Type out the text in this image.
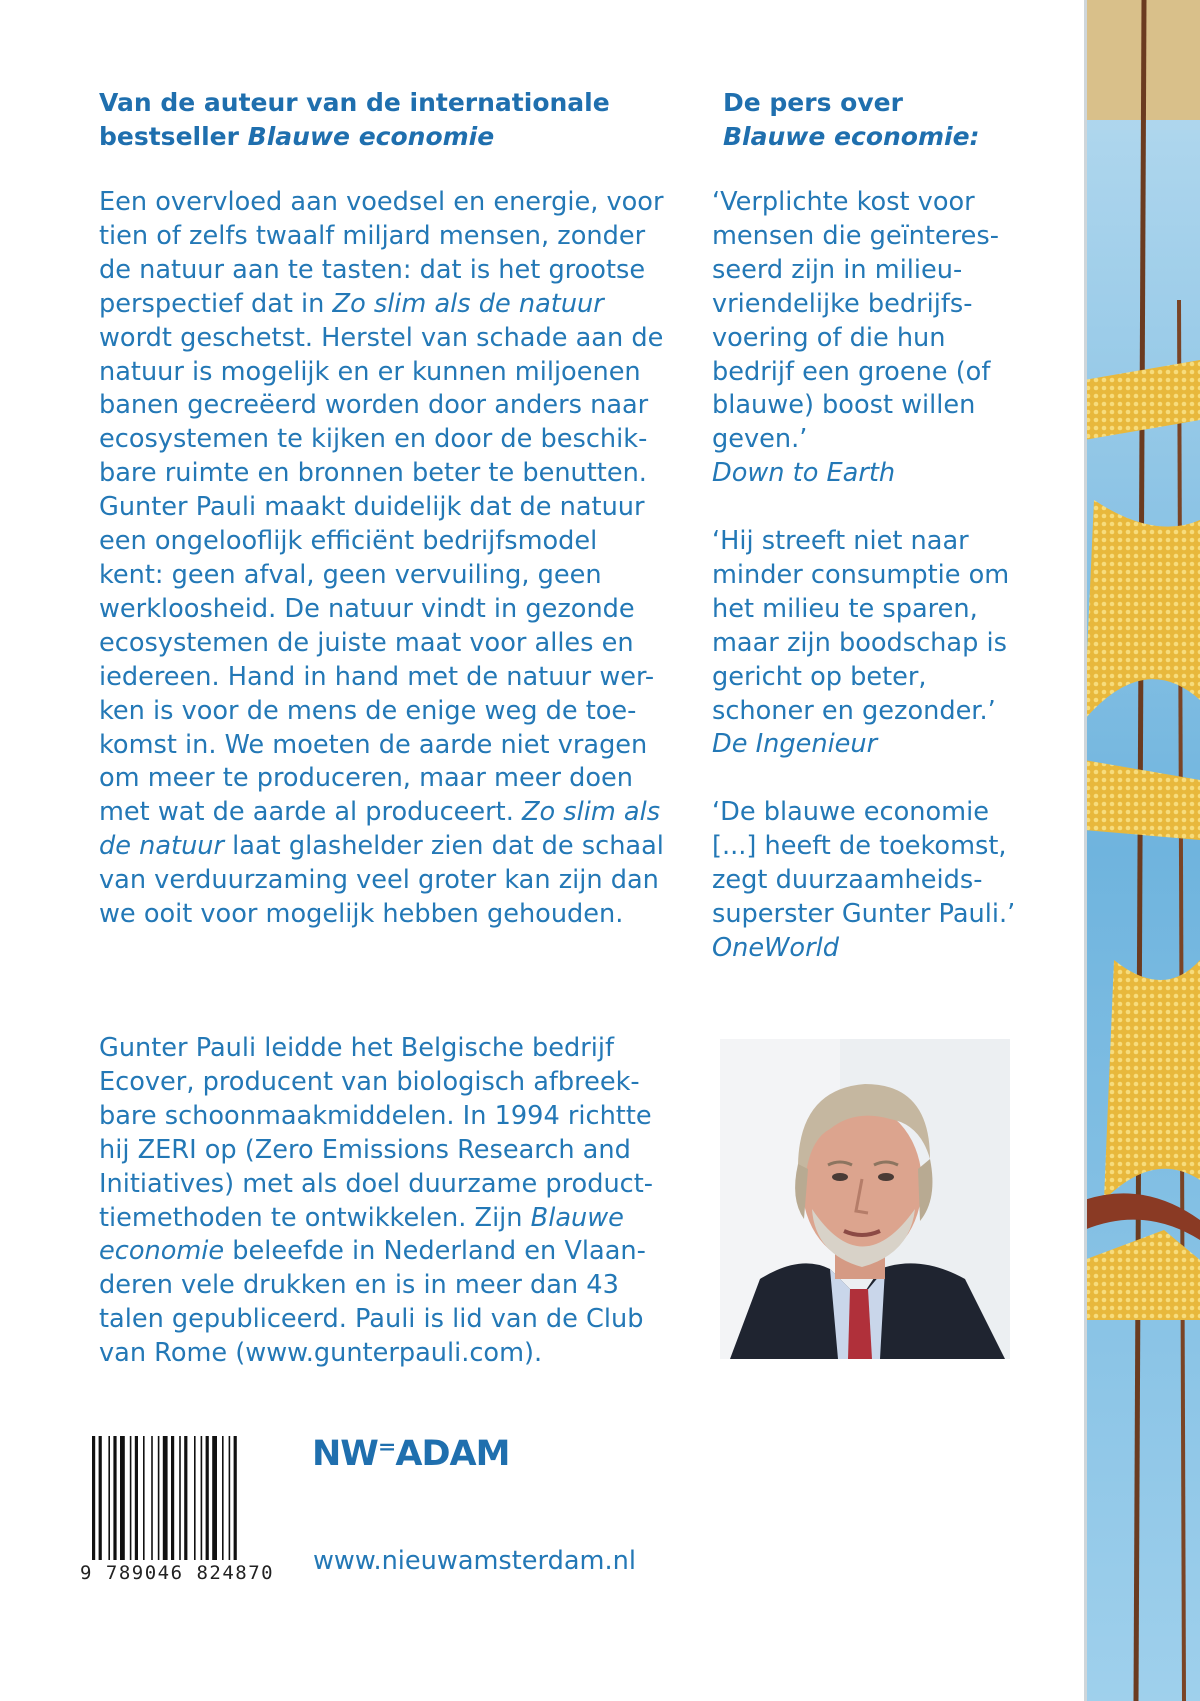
Van de auteur van de internationale
bestseller Blauwe economie
De pers over
Blauwe economie:
Een overvloed aan voedsel en energie, voor
tien of zelfs twaalf miljard mensen, zonder
de natuur aan te tasten: dat is het grootse
perspectief dat in Zo slim als de natuur
wordt geschetst. Herstel van schade aan de
natuur is mogelijk en er kunnen miljoenen
banen gecreëerd worden door anders naar
ecosystemen te kijken en door de beschik-
bare ruimte en bronnen beter te benutten.
Gunter Pauli maakt duidelijk dat de natuur
een ongelooflijk efficiënt bedrijfsmodel
kent: geen afval, geen vervuiling, geen
werkloosheid. De natuur vindt in gezonde
ecosystemen de juiste maat voor alles en
iedereen. Hand in hand met de natuur wer-
ken is voor de mens de enige weg de toe-
komst in. We moeten de aarde niet vragen
om meer te produceren, maar meer doen
met wat de aarde al produceert. Zo slim als
de natuur laat glashelder zien dat de schaal
van verduurzaming veel groter kan zijn dan
we ooit voor mogelijk hebben gehouden.
‘Verplichte kost voor
mensen die geïnteres-
seerd zijn in milieu-
vriendelijke bedrijfs-
voering of die hun
bedrijf een groene (of
blauwe) boost willen
geven.’
Down to Earth
‘Hij streeft niet naar
minder consumptie om
het milieu te sparen,
maar zijn boodschap is
gericht op beter,
schoner en gezonder.’
De Ingenieur
‘De blauwe economie
[...] heeft de toekomst,
zegt duurzaamheids-
superster Gunter Pauli.’
OneWorld
Gunter Pauli leidde het Belgische bedrijf
Ecover, producent van biologisch afbreek-
bare schoonmaakmiddelen. In 1994 richtte
hij ZERI op (Zero Emissions Research and
Initiatives) met als doel duurzame product-
tiemethoden te ontwikkelen. Zijn Blauwe
economie beleefde in Nederland en Vlaan-
deren vele drukken en is in meer dan 43
talen gepubliceerd. Pauli is lid van de Club
van Rome (www.gunterpauli.com).
9 789046 824870
NW⁼ADAM
www.nieuwamsterdam.nl
